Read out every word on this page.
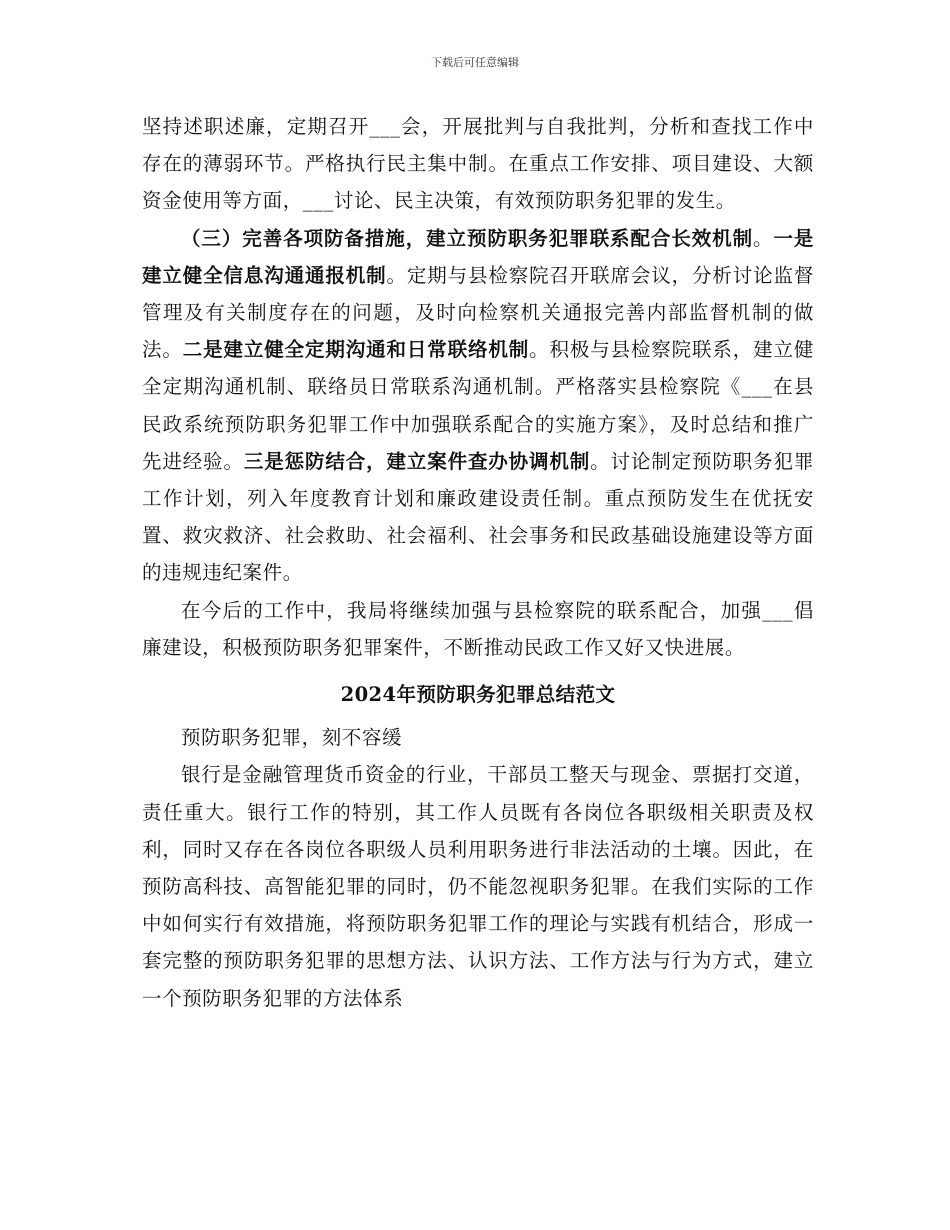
下载后可任意编辑

坚持述职述廉，定期召开___会，开展批判与自我批判，分析和查找工作中存在的薄弱环节。严格执行民主集中制。在重点工作安排、项目建设、大额资金使用等方面，___讨论、民主决策，有效预防职务犯罪的发生。

（三）完善各项防备措施，建立预防职务犯罪联系配合长效机制。一是建立健全信息沟通通报机制。定期与县检察院召开联席会议，分析讨论监督管理及有关制度存在的问题，及时向检察机关通报完善内部监督机制的做法。二是建立健全定期沟通和日常联络机制。积极与县检察院联系，建立健全定期沟通机制、联络员日常联系沟通机制。严格落实县检察院《___在县民政系统预防职务犯罪工作中加强联系配合的实施方案》，及时总结和推广先进经验。三是惩防结合，建立案件查办协调机制。讨论制定预防职务犯罪工作计划，列入年度教育计划和廉政建设责任制。重点预防发生在优抚安置、救灾救济、社会救助、社会福利、社会事务和民政基础设施建设等方面的违规违纪案件。

在今后的工作中，我局将继续加强与县检察院的联系配合，加强___倡廉建设，积极预防职务犯罪案件，不断推动民政工作又好又快进展。

2024年预防职务犯罪总结范文

预防职务犯罪，刻不容缓

银行是金融管理货币资金的行业，干部员工整天与现金、票据打交道，责任重大。银行工作的特别，其工作人员既有各岗位各职级相关职责及权利，同时又存在各岗位各职级人员利用职务进行非法活动的土壤。因此，在预防高科技、高智能犯罪的同时，仍不能忽视职务犯罪。在我们实际的工作中如何实行有效措施，将预防职务犯罪工作的理论与实践有机结合，形成一套完整的预防职务犯罪的思想方法、认识方法、工作方法与行为方式，建立一个预防职务犯罪的方法体系
